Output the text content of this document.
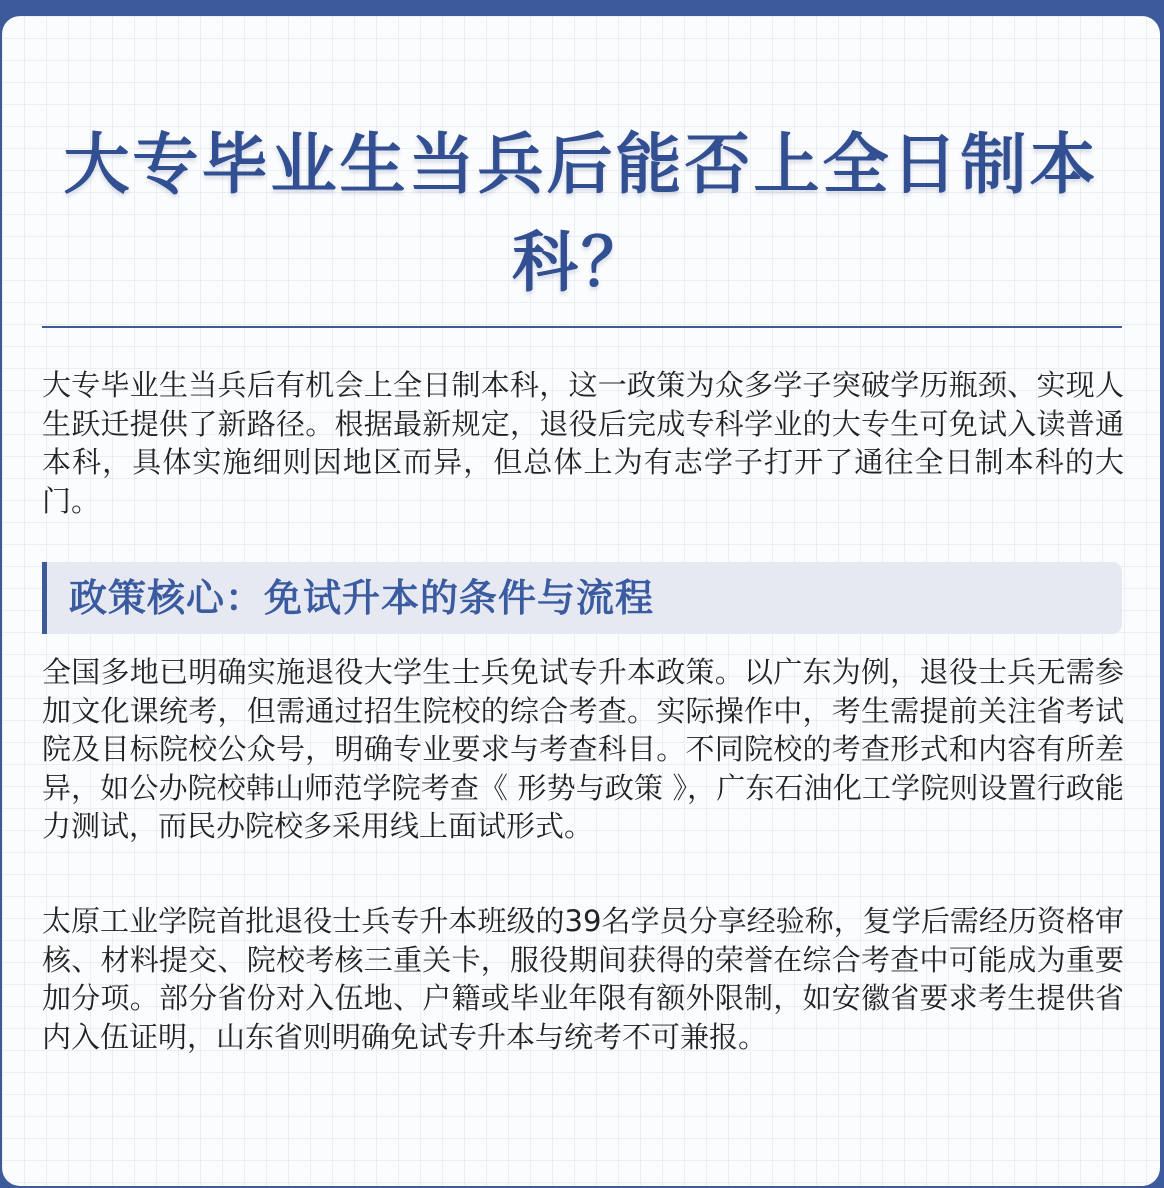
大专毕业生当兵后能否上全日制本科？

大专毕业生当兵后有机会上全日制本科，这一政策为众多学子突破学历瓶颈、实现人生跃迁提供了新路径。根据最新规定，退役后完成专科学业的大专生可免试入读普通本科，具体实施细则因地区而异，但总体上为有志学子打开了通往全日制本科的大门。

政策核心：免试升本的条件与流程

全国多地已明确实施退役大学生士兵免试专升本政策。以广东为例，退役士兵无需参加文化课统考，但需通过招生院校的综合考查。实际操作中，考生需提前关注省考试院及目标院校公众号，明确专业要求与考查科目。不同院校的考查形式和内容有所差异，如公办院校韩山师范学院考查《 形势与政策 》，广东石油化工学院则设置行政能力测试，而民办院校多采用线上面试形式。

太原工业学院首批退役士兵专升本班级的39名学员分享经验称，复学后需经历资格审核、材料提交、院校考核三重关卡，服役期间获得的荣誉在综合考查中可能成为重要加分项。部分省份对入伍地、户籍或毕业年限有额外限制，如安徽省要求考生提供省内入伍证明，山东省则明确免试专升本与统考不可兼报。
